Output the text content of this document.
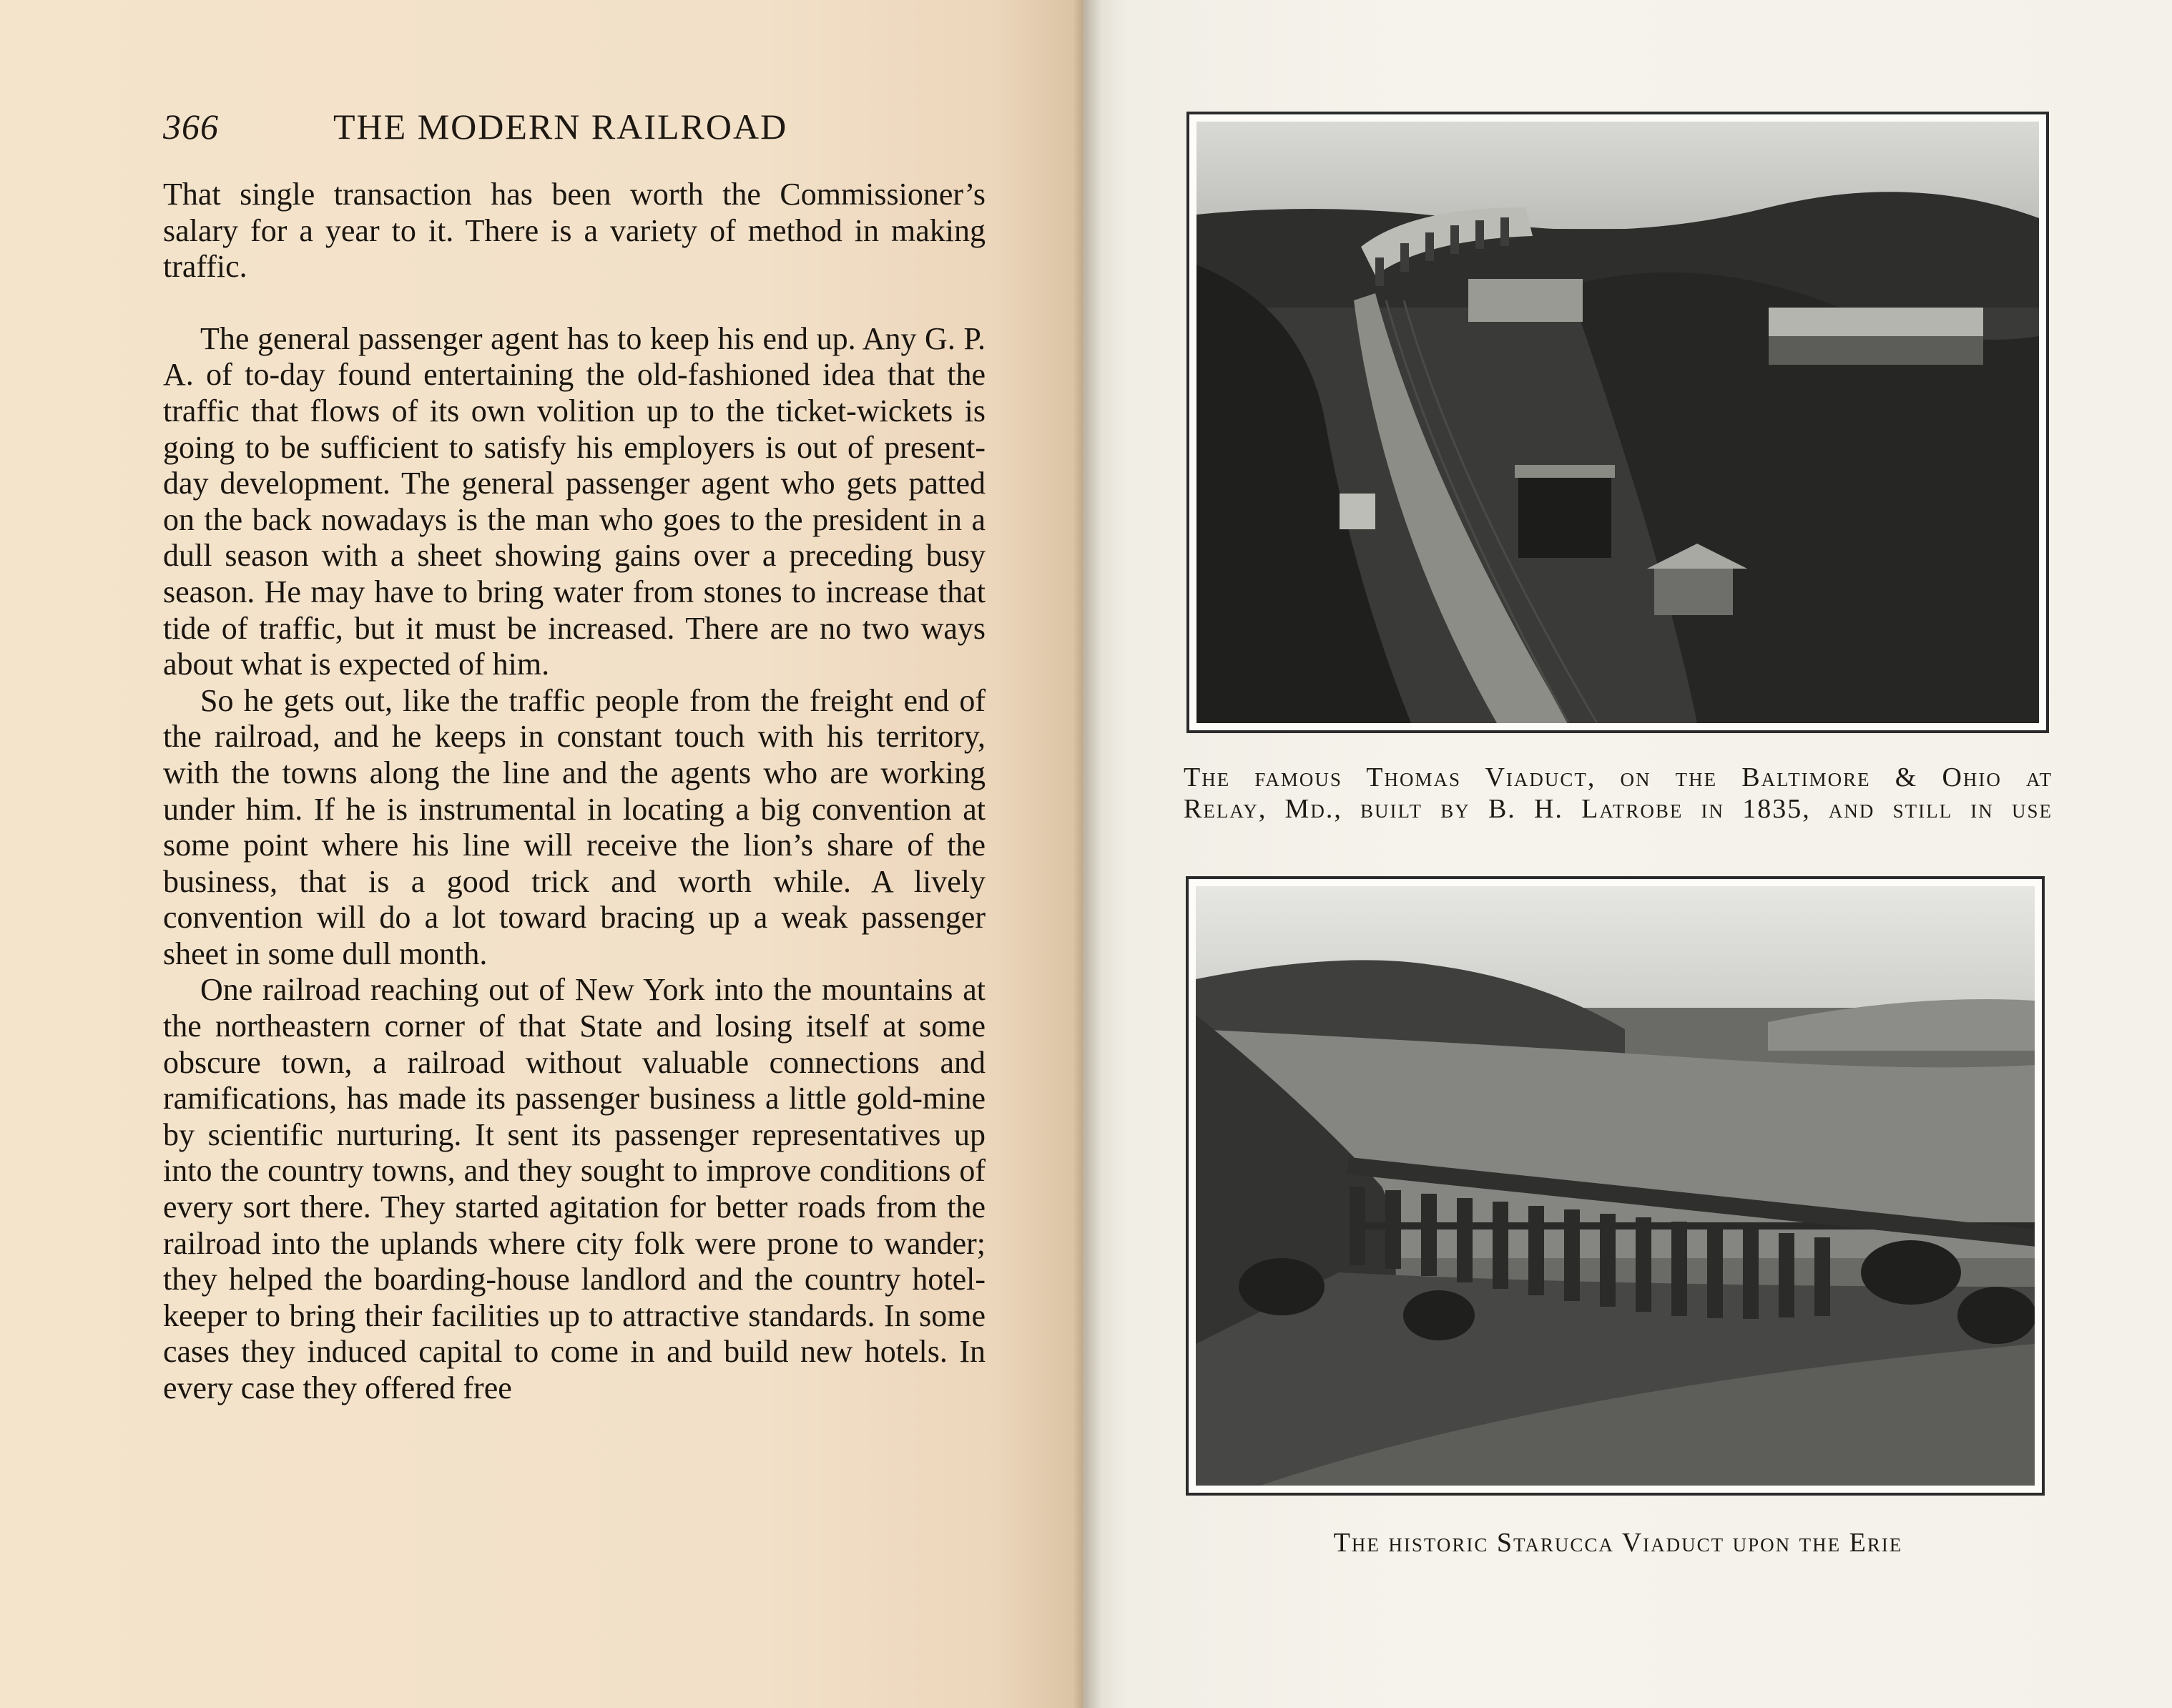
366	THE MODERN RAILROAD

That single transaction has been worth the Commissioner’s salary for a year to it. There is a variety of method in making traffic.

The general passenger agent has to keep his end up. Any G. P. A. of to-day found entertaining the old-fashioned idea that the traffic that flows of its own volition up to the ticket-wickets is going to be sufficient to satisfy his employers is out of present-day development. The general passenger agent who gets patted on the back nowadays is the man who goes to the president in a dull season with a sheet showing gains over a preceding busy season. He may have to bring water from stones to increase that tide of traffic, but it must be increased. There are no two ways about what is expected of him.

So he gets out, like the traffic people from the freight end of the railroad, and he keeps in constant touch with his territory, with the towns along the line and the agents who are working under him. If he is instrumental in locating a big convention at some point where his line will receive the lion’s share of the business, that is a good trick and worth while. A lively convention will do a lot toward bracing up a weak passenger sheet in some dull month.

One railroad reaching out of New York into the mountains at the northeastern corner of that State and losing itself at some obscure town, a railroad without valuable connections and ramifications, has made its passenger business a little gold-mine by scientific nurturing. It sent its passenger representatives up into the country towns, and they sought to improve conditions of every sort there. They started agitation for better roads from the railroad into the uplands where city folk were prone to wander; they helped the boarding-house landlord and the country hotel-keeper to bring their facilities up to attractive standards. In some cases they induced capital to come in and build new hotels. In every case they offered free

The famous Thomas Viaduct, on the Baltimore & Ohio at
Relay, Md., built by B. H. Latrobe in 1835, and still in use
The historic Starucca Viaduct upon the Erie
